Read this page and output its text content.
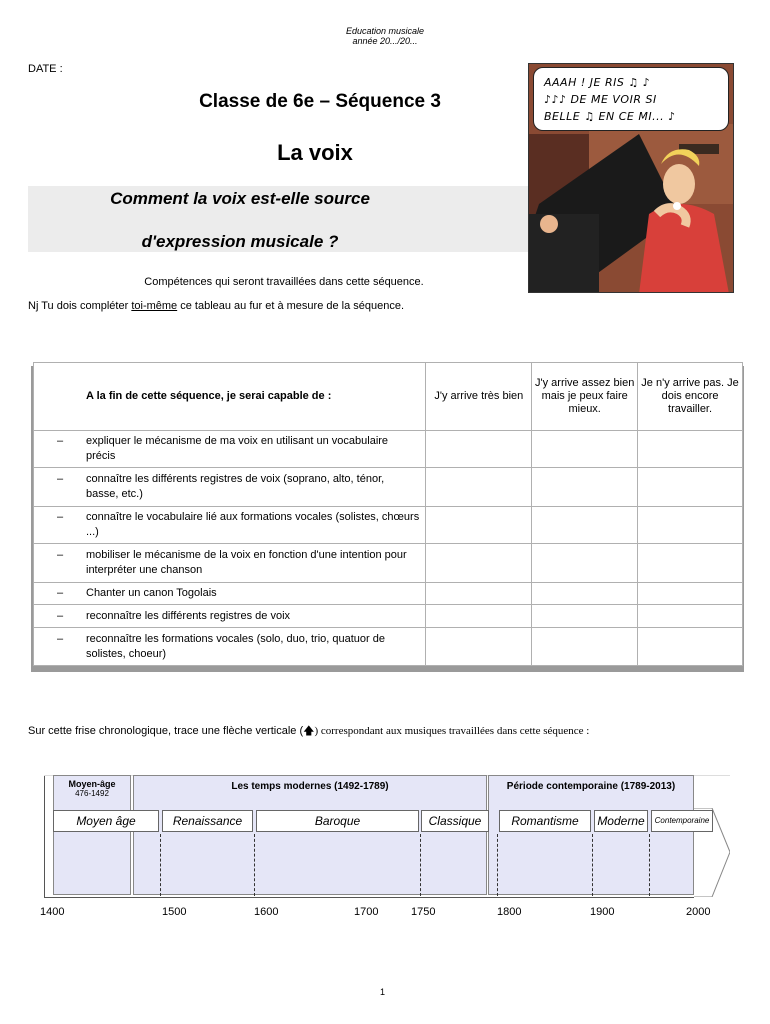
Education musicale
année 20.../20...
DATE :
Classe de 6e – Séquence 3
La voix
Comment la voix est-elle source
d'expression musicale ?
AAAH ! JE RIS ♫ ♪
♪♪♪ DE ME VOIR SI
BELLE ♫ EN CE MI... ♪
Compétences qui seront travaillées dans cette séquence.
Nj Tu dois compléter toi-même ce tableau au fur et à mesure de la séquence.
A la fin de cette séquence, je serai capable de :	J'y arrive très bien	J'y arrive assez bien mais je peux faire mieux.	Je n'y arrive pas. Je dois encore travailler.

– expliquer le mécanisme de ma voix en utilisant un vocabulaire précis			

– connaître les différents registres de voix (soprano, alto, ténor, basse, etc.)			

– connaître le vocabulaire lié aux formations vocales (solistes, chœurs ...)			

– mobiliser le mécanisme de la voix en fonction d'une intention pour interpréter une chanson			

– Chanter un canon Togolais			

– reconnaître les différents registres de voix			

– reconnaître les formations vocales (solo, duo, trio, quatuor de solistes, choeur)			

Sur cette frise chronologique, trace une flèche verticale (🡅) correspondant aux musiques travaillées dans cette séquence :
Moyen-âge
476-1492
Les temps modernes (1492-1789)	Période contemporaine (1789-2013)
Moyen âge	Renaissance	Baroque	Classique	Romantisme	Moderne	Contemporaine
1400	1500	1600	1700	1750	1800	1900	2000
1
